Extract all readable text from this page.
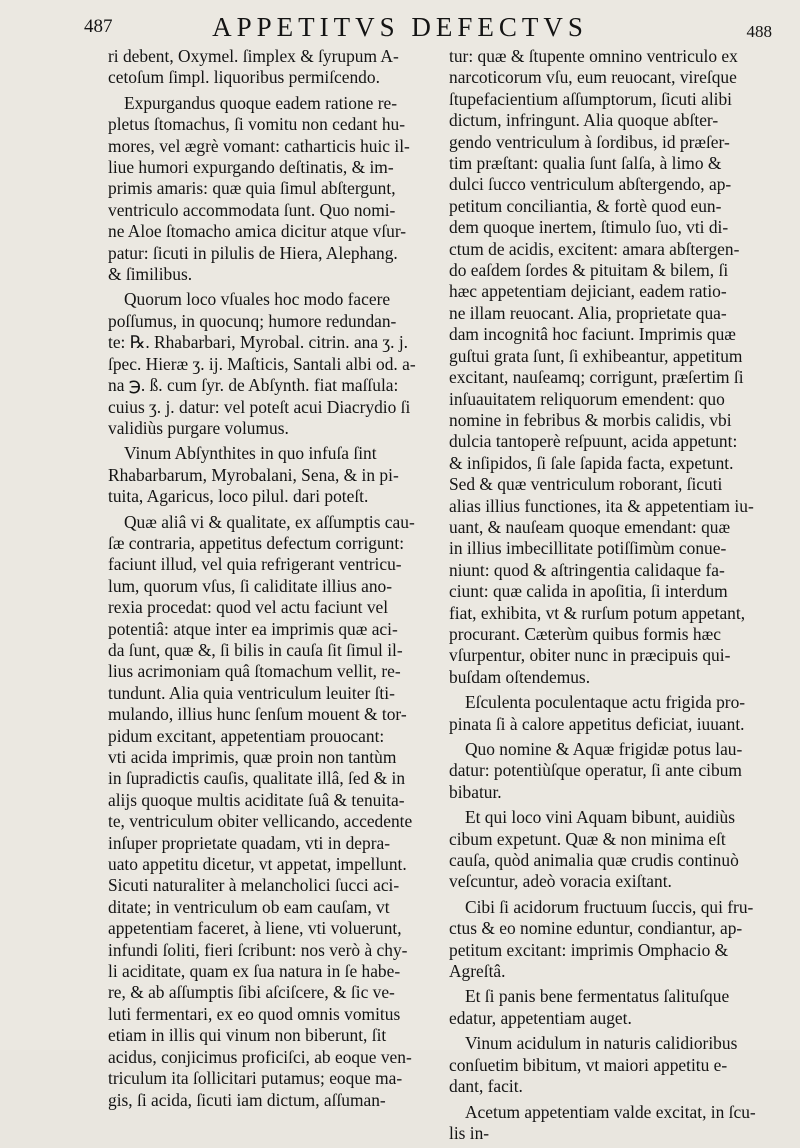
487	APPETITVS DEFECTVS	488
ri debent, Oxymel. ſimplex & ſyrupum A-
cetoſum ſimpl. liquoribus permiſcendo.
Expurgandus quoque eadem ratione re-
pletus ſtomachus, ſi vomitu non cedant hu-
mores, vel ægrè vomant: catharticis huic il-
liue humori expurgando deſtinatis, & im-
primis amaris: quæ quia ſimul abſtergunt,
ventriculo accommodata ſunt. Quo nomi-
ne Aloe ſtomacho amica dicitur atque vſur-
patur: ſicuti in pilulis de Hiera, Alephang.
& ſimilibus.
Quorum loco vſuales hoc modo facere
poſſumus, in quocunq; humore redundan-
te: ℞. Rhabarbari, Myrobal. citrin. ana ʒ. j.
ſpec. Hieræ ʒ. ij. Maſticis, Santali albi od. a-
na ℈. ß. cum ſyr. de Abſynth. fiat maſſula:
cuius ʒ. j. datur: vel poteſt acui Diacrydio ſi
validiùs purgare volumus.
Vinum Abſynthites in quo infuſa ſint
Rhabarbarum, Myrobalani, Sena, & in pi-
tuita, Agaricus, loco pilul. dari poteſt.
Quæ aliâ vi & qualitate, ex aſſumptis cau-
ſæ contraria, appetitus defectum corrigunt:
faciunt illud, vel quia refrigerant ventricu-
lum, quorum vſus, ſi caliditate illius ano-
rexia procedat: quod vel actu faciunt vel
potentiâ: atque inter ea imprimis quæ aci-
da ſunt, quæ &, ſi bilis in cauſa ſit ſimul il-
lius acrimoniam quâ ſtomachum vellit, re-
tundunt. Alia quia ventriculum leuiter ſti-
mulando, illius hunc ſenſum mouent & tor-
pidum excitant, appetentiam prouocant:
vti acida imprimis, quæ proin non tantùm
in ſupradictis cauſis, qualitate illâ, ſed & in
alijs quoque multis aciditate ſuâ & tenuita-
te, ventriculum obiter vellicando, accedente
inſuper proprietate quadam, vti in depra-
uato appetitu dicetur, vt appetat, impellunt.
Sicuti naturaliter à melancholici ſucci aci-
ditate; in ventriculum ob eam cauſam, vt
appetentiam faceret, à liene, vti voluerunt,
infundi ſoliti, fieri ſcribunt: nos verò à chy-
li aciditate, quam ex ſua natura in ſe habe-
re, & ab aſſumptis ſibi aſciſcere, & ſic ve-
luti fermentari, ex eo quod omnis vomitus
etiam in illis qui vinum non biberunt, ſit
acidus, conjicimus proficiſci, ab eoque ven-
triculum ita ſollicitari putamus; eoque ma-
gis, ſi acida, ſicuti iam dictum, aſſuman-
tur: quæ & ſtupente omnino ventriculo ex
narcoticorum vſu, eum reuocant, vireſque
ſtupefacientium aſſumptorum, ſicuti alibi
dictum, infringunt. Alia quoque abſter-
gendo ventriculum à ſordibus, id præſer-
tim præſtant: qualia ſunt ſalſa, à limo &
dulci ſucco ventriculum abſtergendo, ap-
petitum conciliantia, & fortè quod eun-
dem quoque inertem, ſtimulo ſuo, vti di-
ctum de acidis, excitent: amara abſtergen-
do eaſdem ſordes & pituitam & bilem, ſi
hæc appetentiam dejiciant, eadem ratio-
ne illam reuocant. Alia, proprietate qua-
dam incognitâ hoc faciunt. Imprimis quæ
guſtui grata ſunt, ſi exhibeantur, appetitum
excitant, nauſeamq; corrigunt, præſertim ſi
inſuauitatem reliquorum emendent: quo
nomine in febribus & morbis calidis, vbi
dulcia tantoperè reſpuunt, acida appetunt:
& inſipidos, ſi ſale ſapida facta, expetunt.
Sed & quæ ventriculum roborant, ſicuti
alias illius functiones, ita & appetentiam iu-
uant, & nauſeam quoque emendant: quæ
in illius imbecillitate potiſſimùm conue-
niunt: quod & aſtringentia calidaque fa-
ciunt: quæ calida in apoſitia, ſi interdum
fiat, exhibita, vt & rurſum potum appetant,
procurant. Cæterùm quibus formis hæc
vſurpentur, obiter nunc in præcipuis qui-
buſdam oſtendemus.
Eſculenta poculentaque actu frigida pro-
pinata ſi à calore appetitus deficiat, iuuant.
Quo nomine & Aquæ frigidæ potus lau-
datur: potentiùſque operatur, ſi ante cibum
bibatur.
Et qui loco vini Aquam bibunt, auidiùs
cibum expetunt. Quæ & non minima eſt
cauſa, quòd animalia quæ crudis continuò
veſcuntur, adeò voracia exiſtant.
Cibi ſi acidorum fructuum ſuccis, qui fru-
ctus & eo nomine eduntur, condiantur, ap-
petitum excitant: imprimis Omphacio &
Agreſtâ.
Et ſi panis bene fermentatus ſalituſque
edatur, appetentiam auget.
Vinum acidulum in naturis calidioribus
conſuetim bibitum, vt maiori appetitu e-
dant, facit.
Acetum appetentiam valde excitat, in ſcu-
lis in-
